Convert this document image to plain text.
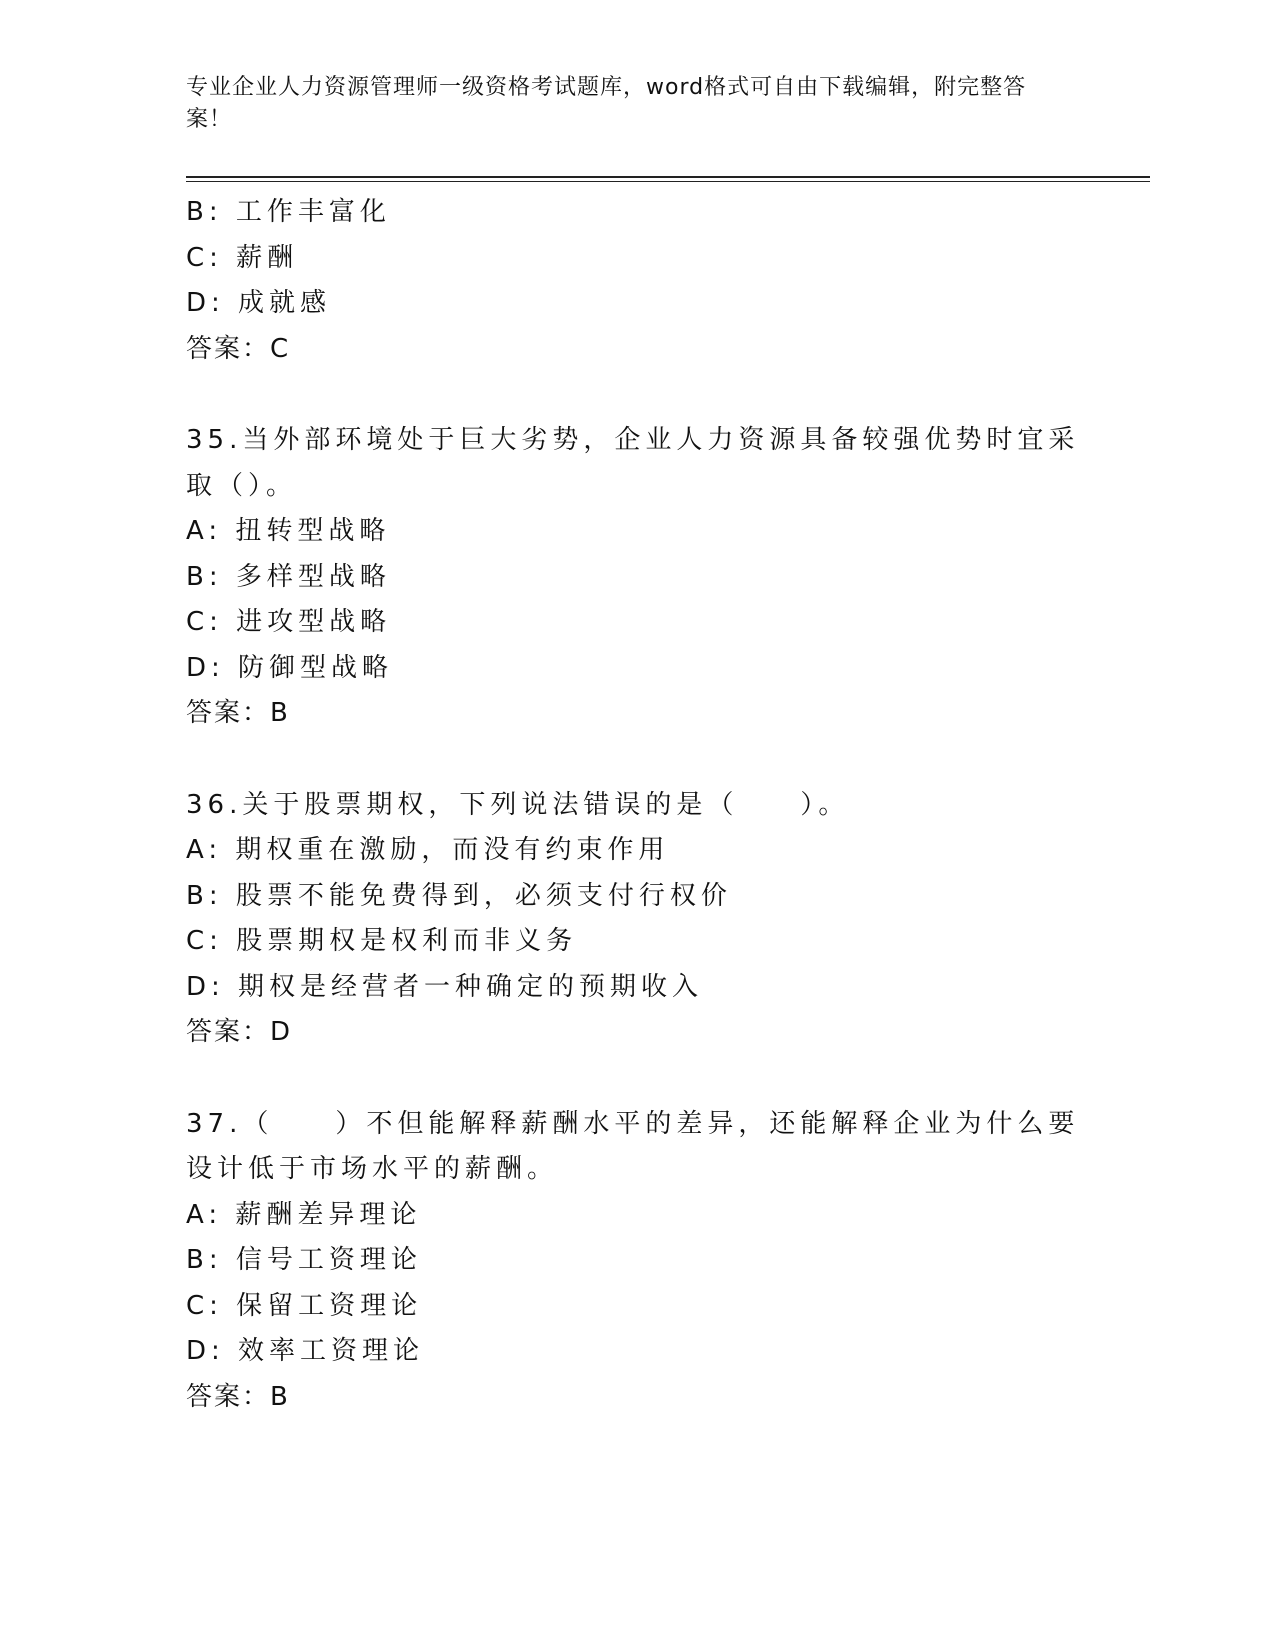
专业企业人力资源管理师一级资格考试题库，word格式可自由下载编辑，附完整答案！
B: 工作丰富化
C: 薪酬
D: 成就感
答案：C
35.当外部环境处于巨大劣势，企业人力资源具备较强优势时宜采取（）。
A: 扭转型战略
B: 多样型战略
C: 进攻型战略
D: 防御型战略
答案：B
36.关于股票期权，下列说法错误的是（　　）。
A: 期权重在激励，而没有约束作用
B: 股票不能免费得到，必须支付行权价
C: 股票期权是权利而非义务
D: 期权是经营者一种确定的预期收入
答案：D
37.（　　）不但能解释薪酬水平的差异，还能解释企业为什么要设计低于市场水平的薪酬。
A: 薪酬差异理论
B: 信号工资理论
C: 保留工资理论
D: 效率工资理论
答案：B
